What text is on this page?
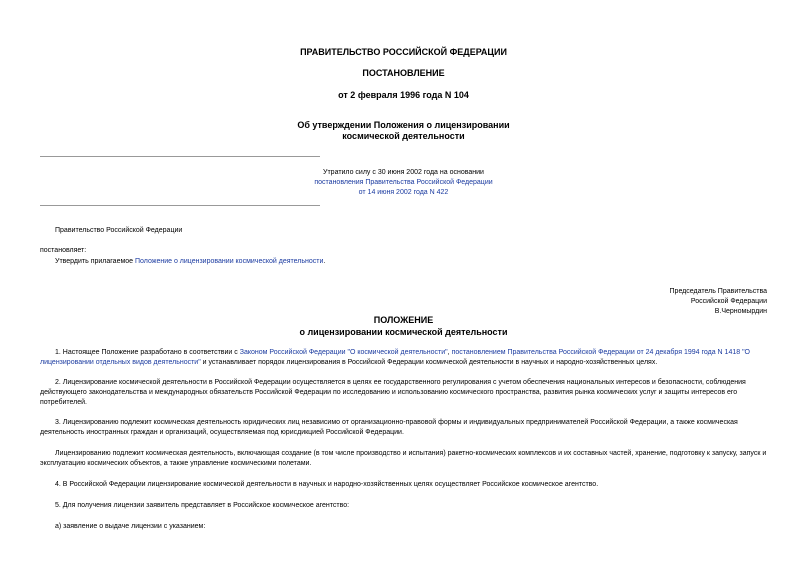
ПРАВИТЕЛЬСТВО РОССИЙСКОЙ ФЕДЕРАЦИИ
ПОСТАНОВЛЕНИЕ
от 2 февраля 1996 года N 104
Об утверждении Положения о лицензировании
космической деятельности
Утратило силу с 30 июня 2002 года на основании
постановления Правительства Российской Федерации
от 14 июня 2002 года N 422
Правительство Российской Федерации
постановляет:
Утвердить прилагаемое Положение о лицензировании космической деятельности.
Председатель Правительства
Российской Федерации
В.Черномырдин
ПОЛОЖЕНИЕ
о лицензировании космической деятельности
1. Настоящее Положение разработано в соответствии с Законом Российской Федерации "О космической деятельности", постановлением Правительства Российской Федерации от 24 декабря 1994 года N 1418 "О лицензировании отдельных видов деятельности" и устанавливает порядок лицензирования в Российской Федерации космической деятельности в научных и народно-хозяйственных целях.
2. Лицензирование космической деятельности в Российской Федерации осуществляется в целях ее государственного регулирования с учетом обеспечения национальных интересов и безопасности, соблюдения действующего законодательства и международных обязательств Российской Федерации по исследованию и использованию космического пространства, развития рынка космических услуг и защиты интересов его потребителей.
3. Лицензированию подлежит космическая деятельность юридических лиц независимо от организационно-правовой формы и индивидуальных предпринимателей Российской Федерации, а также космическая деятельность иностранных граждан и организаций, осуществляемая под юрисдикцией Российской Федерации.
Лицензированию подлежит космическая деятельность, включающая создание (в том числе производство и испытания) ракетно-космических комплексов и их составных частей, хранение, подготовку к запуску, запуск и эксплуатацию космических объектов, а также управление космическими полетами.
4. В Российской Федерации лицензирование космической деятельности в научных и народно-хозяйственных целях осуществляет Российское космическое агентство.
5. Для получения лицензии заявитель представляет в Российское космическое агентство:
а) заявление о выдаче лицензии с указанием:
